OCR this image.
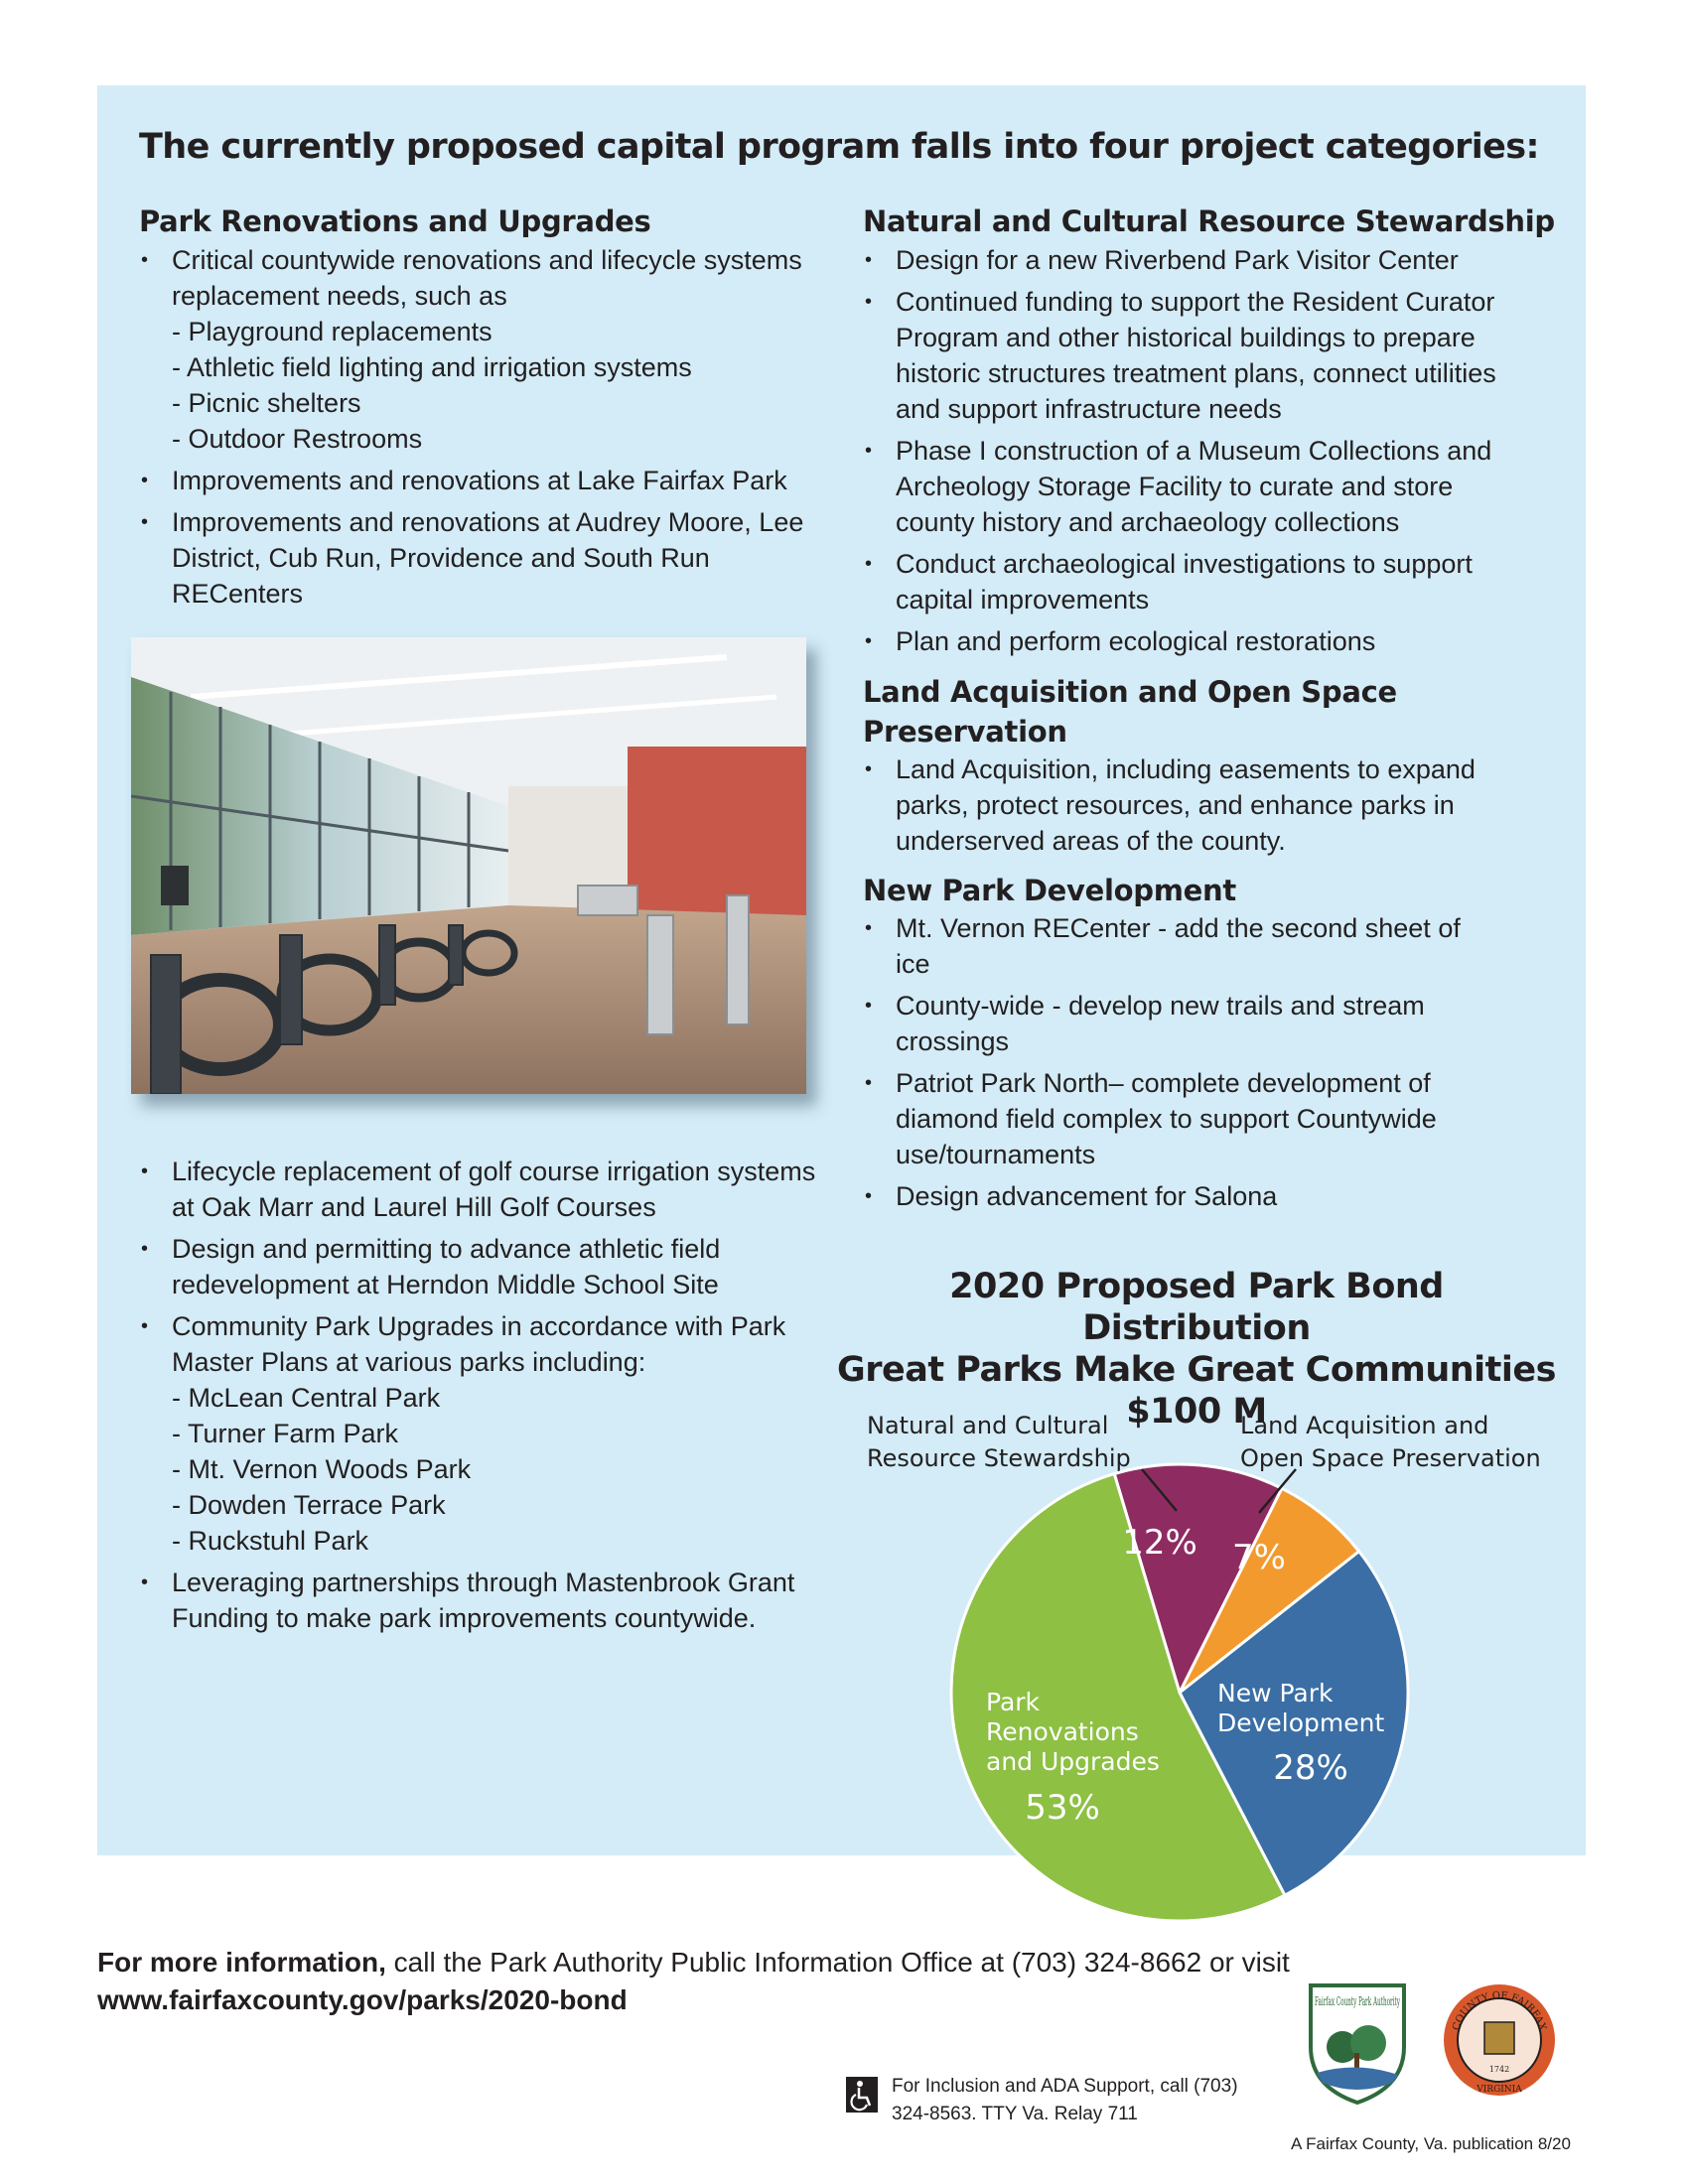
The currently proposed capital program falls into four project categories:
Park Renovations and Upgrades
• Critical countywide renovations and lifecycle systems replacement needs, such as
- Playground replacements
- Athletic field lighting and irrigation systems
- Picnic shelters
- Outdoor Restrooms
• Improvements and renovations at Lake Fairfax Park
• Improvements and renovations at Audrey Moore, Lee District, Cub Run, Providence and South Run RECenters
• Lifecycle replacement of golf course irrigation systems at Oak Marr and Laurel Hill Golf Courses
• Design and permitting to advance athletic field redevelopment at Herndon Middle School Site
• Community Park Upgrades in accordance with Park Master Plans at various parks including:
- McLean Central Park
- Turner Farm Park
- Mt. Vernon Woods Park
- Dowden Terrace Park
- Ruckstuhl Park
• Leveraging partnerships through Mastenbrook Grant Funding to make park improvements countywide.
Natural and Cultural Resource Stewardship
• Design for a new Riverbend Park Visitor Center
• Continued funding to support the Resident Curator Program and other historical buildings to prepare historic structures treatment plans, connect utilities and support infrastructure needs
• Phase I construction of a Museum Collections and Archeology Storage Facility to curate and store county history and archaeology collections
• Conduct archaeological investigations to support capital improvements
• Plan and perform ecological restorations
Land Acquisition and Open Space Preservation
• Land Acquisition, including easements to expand parks, protect resources, and enhance parks in underserved areas of the county.
New Park Development
• Mt. Vernon RECenter - add the second sheet of ice
• County-wide - develop new trails and stream crossings
• Patriot Park North– complete development of diamond field complex to support Countywide use/tournaments
• Design advancement for Salona
2020 Proposed Park Bond Distribution
Great Parks Make Great Communities
$100 M
Natural and Cultural Resource Stewardship
Land Acquisition and Open Space Preservation
12% 7%
New Park
Development
28%
Park
Renovations
and Upgrades
53%
For more information, call the Park Authority Public Information Office at (703) 324-8662 or visit
www.fairfaxcounty.gov/parks/2020-bond
For Inclusion and ADA Support, call (703) 324-8563. TTY Va. Relay 711
Fairfax County Park Authority
COUNTY OF FAIRFAX
1742
VIRGINIA
A Fairfax County, Va. publication 8/20
